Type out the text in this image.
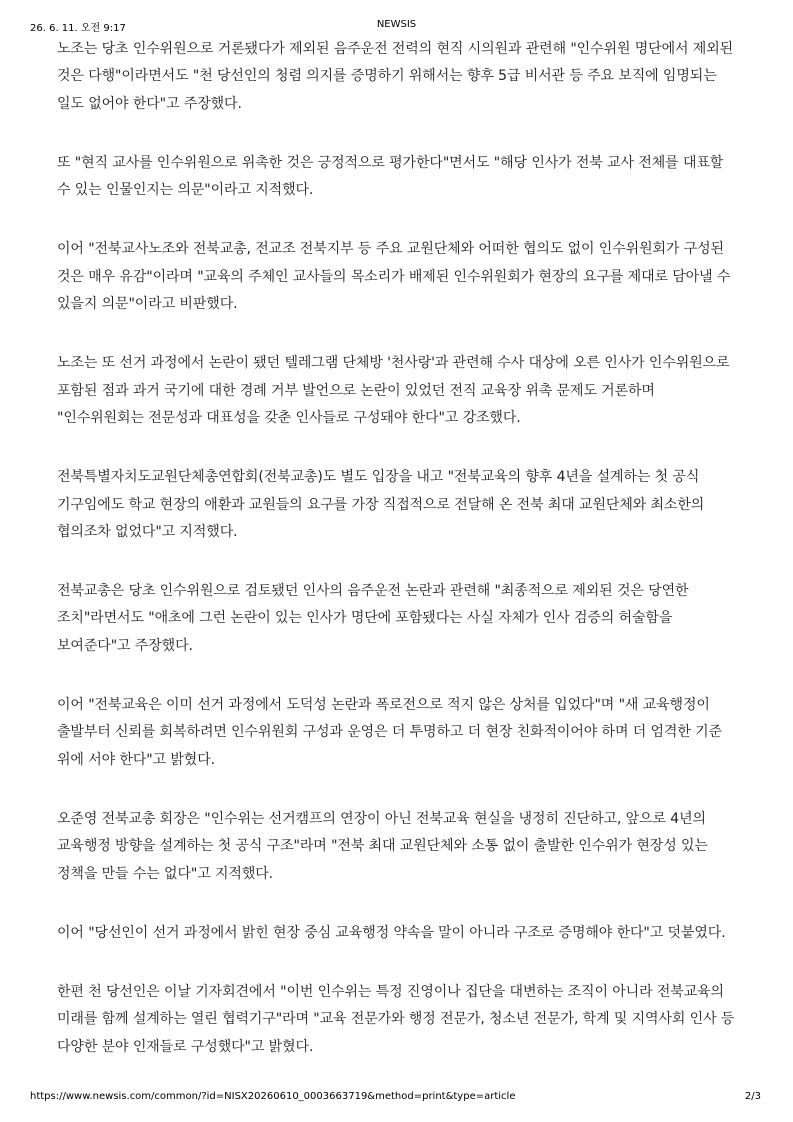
26. 6. 11. 오전 9:17	NEWSIS

노조는 당초 인수위원으로 거론됐다가 제외된 음주운전 전력의 현직 시의원과 관련해 "인수위원 명단에서 제외된 것은 다행"이라면서도 "천 당선인의 청렴 의지를 증명하기 위해서는 향후 5급 비서관 등 주요 보직에 임명되는 일도 없어야 한다"고 주장했다.

또 "현직 교사를 인수위원으로 위촉한 것은 긍정적으로 평가한다"면서도 "해당 인사가 전북 교사 전체를 대표할 수 있는 인물인지는 의문"이라고 지적했다.

이어 "전북교사노조와 전북교총, 전교조 전북지부 등 주요 교원단체와 어떠한 협의도 없이 인수위원회가 구성된 것은 매우 유감"이라며 "교육의 주체인 교사들의 목소리가 배제된 인수위원회가 현장의 요구를 제대로 담아낼 수 있을지 의문"이라고 비판했다.

노조는 또 선거 과정에서 논란이 됐던 텔레그램 단체방 '천사랑'과 관련해 수사 대상에 오른 인사가 인수위원으로 포함된 점과 과거 국기에 대한 경례 거부 발언으로 논란이 있었던 전직 교육장 위촉 문제도 거론하며 "인수위원회는 전문성과 대표성을 갖춘 인사들로 구성돼야 한다"고 강조했다.

전북특별자치도교원단체총연합회(전북교총)도 별도 입장을 내고 "전북교육의 향후 4년을 설계하는 첫 공식 기구임에도 학교 현장의 애환과 교원들의 요구를 가장 직접적으로 전달해 온 전북 최대 교원단체와 최소한의 협의조차 없었다"고 지적했다.

전북교총은 당초 인수위원으로 검토됐던 인사의 음주운전 논란과 관련해 "최종적으로 제외된 것은 당연한 조치"라면서도 "애초에 그런 논란이 있는 인사가 명단에 포함됐다는 사실 자체가 인사 검증의 허술함을 보여준다"고 주장했다.

이어 "전북교육은 이미 선거 과정에서 도덕성 논란과 폭로전으로 적지 않은 상처를 입었다"며 "새 교육행정이 출발부터 신뢰를 회복하려면 인수위원회 구성과 운영은 더 투명하고 더 현장 친화적이어야 하며 더 엄격한 기준 위에 서야 한다"고 밝혔다.

오준영 전북교총 회장은 "인수위는 선거캠프의 연장이 아닌 전북교육 현실을 냉정히 진단하고, 앞으로 4년의 교육행정 방향을 설계하는 첫 공식 구조"라며 "전북 최대 교원단체와 소통 없이 출발한 인수위가 현장성 있는 정책을 만들 수는 없다"고 지적했다.

이어 "당선인이 선거 과정에서 밝힌 현장 중심 교육행정 약속을 말이 아니라 구조로 증명해야 한다"고 덧붙였다.

한편 천 당선인은 이날 기자회견에서 "이번 인수위는 특정 진영이나 집단을 대변하는 조직이 아니라 전북교육의 미래를 함께 설계하는 열린 협력기구"라며 "교육 전문가와 행정 전문가, 청소년 전문가, 학계 및 지역사회 인사 등 다양한 분야 인재들로 구성했다"고 밝혔다.

https://www.newsis.com/common/?id=NISX20260610_0003663719&method=print&type=article	2/3
